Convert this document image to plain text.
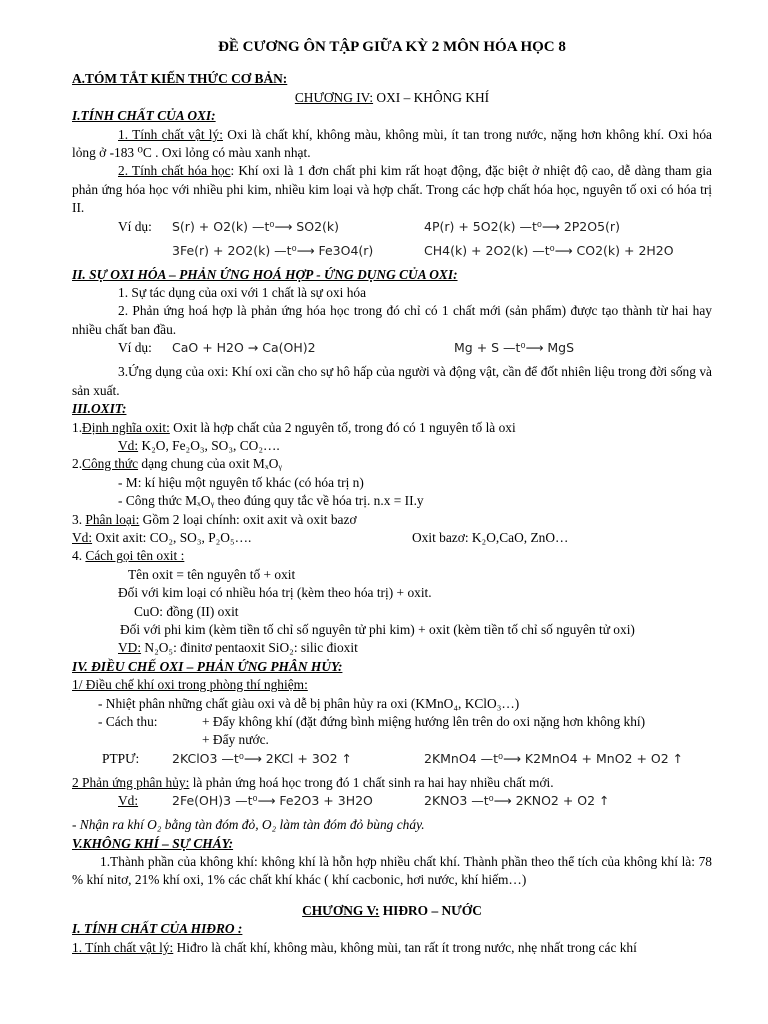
ĐỀ CƯƠNG ÔN TẬP GIỮA KỲ 2 MÔN HÓA HỌC 8
A.TÓM TẮT KIẾN THỨC CƠ BẢN:
CHƯƠNG IV: OXI – KHÔNG KHÍ
I.TÍNH CHẤT CỦA OXI:
1. Tính chất vật lý: Oxi là chất khí, không màu, không mùi, ít tan trong nước, nặng hơn không khí. Oxi hóa lỏng ở -183 ⁰C . Oxi lỏng có màu xanh nhạt.
2. Tính chất hóa học: Khí oxi là 1 đơn chất phi kim rất hoạt động, đặc biệt ở nhiệt độ cao, dễ dàng tham gia phản ứng hóa học với nhiều phi kim, nhiều kim loại và hợp chất. Trong các hợp chất hóa học, nguyên tố oxi có hóa trị II.
Ví dụ:	S(r) + O2(k) —t⁰⟶ SO2(k)	4P(r) + 5O2(k) —t⁰⟶ 2P2O5(r)
3Fe(r) + 2O2(k) —t⁰⟶ Fe3O4(r)	CH4(k) + 2O2(k) —t⁰⟶ CO2(k) + 2H2O
II. SỰ OXI HÓA – PHẢN ỨNG HOÁ HỢP - ỨNG DỤNG CỦA OXI:
1. Sự tác dụng của oxi với 1 chất là sự oxi hóa
2. Phản ứng hoá hợp là phản ứng hóa học trong đó chỉ có 1 chất mới (sản phẩm) được tạo thành từ hai hay nhiều chất ban đầu.
Ví dụ:	CaO + H2O → Ca(OH)2	Mg + S —t⁰⟶ MgS
3.Ứng dụng của oxi: Khí oxi cần cho sự hô hấp của người và động vật, cần để đốt nhiên liệu trong đời sống và sản xuất.
III.OXIT:
1.Định nghĩa oxit: Oxit là hợp chất của 2 nguyên tố, trong đó có 1 nguyên tố là oxi
Vd: K₂O, Fe₂O₃, SO₃, CO₂….
2.Công thức dạng chung của oxit MₓOᵧ
- M: kí hiệu một nguyên tố khác (có hóa trị n)
- Công thức MₓOᵧ theo đúng quy tắc về hóa trị. n.x = II.y
3. Phân loại: Gồm 2 loại chính: oxit axit và oxit bazơ
Vd: Oxit axit: CO₂, SO₃, P₂O₅….	Oxit bazơ: K₂O,CaO, ZnO…
4. Cách gọi tên oxit :
Tên oxit = tên nguyên tố + oxit
Đối với kim loại có nhiều hóa trị (kèm theo hóa trị) + oxit.
CuO: đồng (II) oxit
Đối với phi kim (kèm tiền tố chỉ số nguyên tử phi kim) + oxit (kèm tiền tố chỉ số nguyên tử oxi)
VD: N₂O₅: đinitơ pentaoxit SiO₂: silic đioxit
IV. ĐIỀU CHẾ OXI – PHẢN ỨNG PHÂN HỦY:
1/ Điều chế khí oxi trong phòng thí nghiệm:
- Nhiệt phân những chất giàu oxi và dễ bị phân hủy ra oxi (KMnO₄, KClO₃…)
- Cách thu:	+ Đẩy không khí (đặt đứng bình miệng hướng lên trên do oxi nặng hơn không khí)
+ Đẩy nước.
PTPƯ:	2KClO3 —t⁰⟶ 2KCl + 3O2 ↑	2KMnO4 —t⁰⟶ K2MnO4 + MnO2 + O2 ↑
2 Phản ứng phân hủy: là phản ứng hoá học trong đó 1 chất sinh ra hai hay nhiều chất mới.
Vd:	2Fe(OH)3 —t⁰⟶ Fe2O3 + 3H2O	2KNO3 —t⁰⟶ 2KNO2 + O2 ↑
- Nhận ra khí O₂ bằng tàn đóm đỏ, O₂ làm tàn đóm đỏ bùng cháy.
V.KHÔNG KHÍ – SỰ CHÁY:
1.Thành phần của không khí: không khí là hỗn hợp nhiều chất khí. Thành phần theo thể tích của không khí là: 78 % khí nitơ, 21% khí oxi, 1% các chất khí khác ( khí cacbonic, hơi nước, khí hiếm…)
CHƯƠNG V: HIĐRO – NƯỚC
I. TÍNH CHẤT CỦA HIĐRO :
1. Tính chất vật lý: Hiđro là chất khí, không màu, không mùi, tan rất ít trong nước, nhẹ nhất trong các khí
